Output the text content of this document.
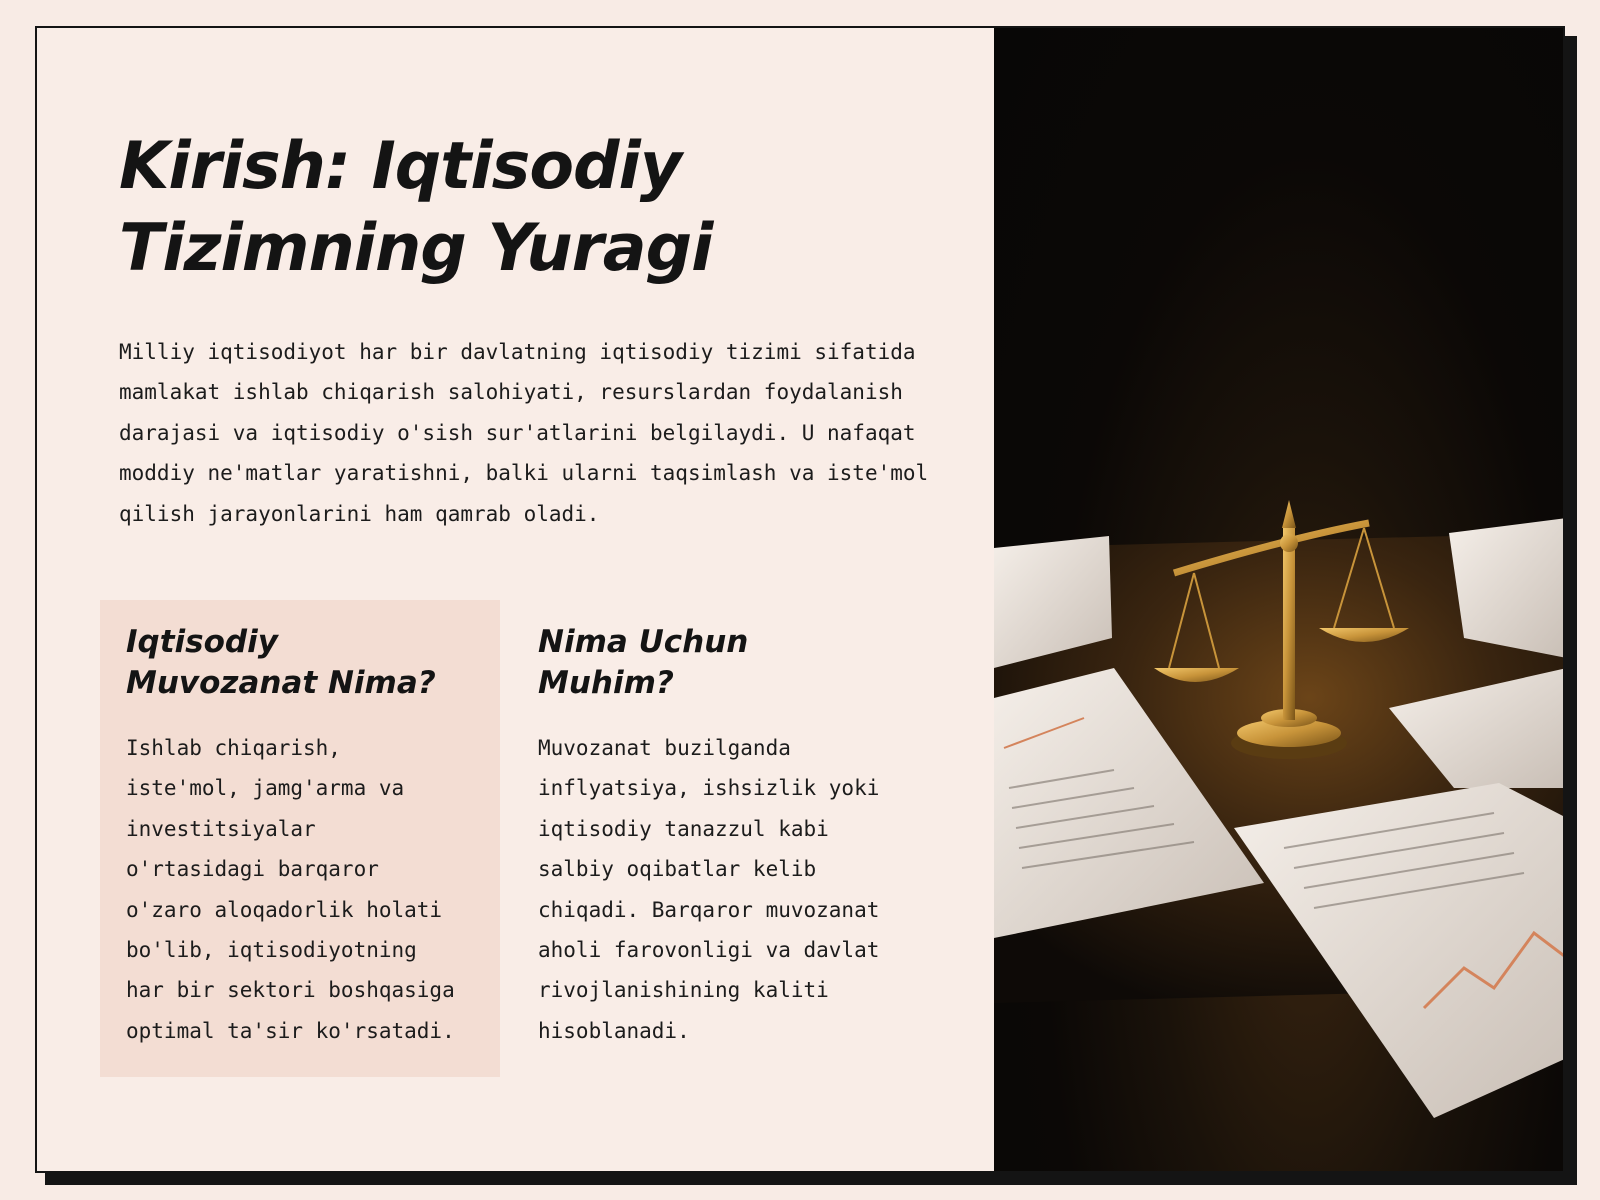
Kirish: Iqtisodiy Tizimning Yuragi

Milliy iqtisodiyot har bir davlatning iqtisodiy tizimi sifatida mamlakat ishlab chiqarish salohiyati, resurslardan foydalanish darajasi va iqtisodiy o'sish sur'atlarini belgilaydi. U nafaqat moddiy ne'matlar yaratishni, balki ularni taqsimlash va iste'mol qilish jarayonlarini ham qamrab oladi.

Iqtisodiy
Muvozanat Nima?

Ishlab chiqarish,
iste'mol, jamg'arma va
investitsiyalar
o'rtasidagi barqaror
o'zaro aloqadorlik holati
bo'lib, iqtisodiyotning
har bir sektori boshqasiga
optimal ta'sir ko'rsatadi.

Nima Uchun
Muhim?

Muvozanat buzilganda
inflyatsiya, ishsizlik yoki
iqtisodiy tanazzul kabi
salbiy oqibatlar kelib
chiqadi. Barqaror muvozanat
aholi farovonligi va davlat
rivojlanishining kaliti
hisoblanadi.
